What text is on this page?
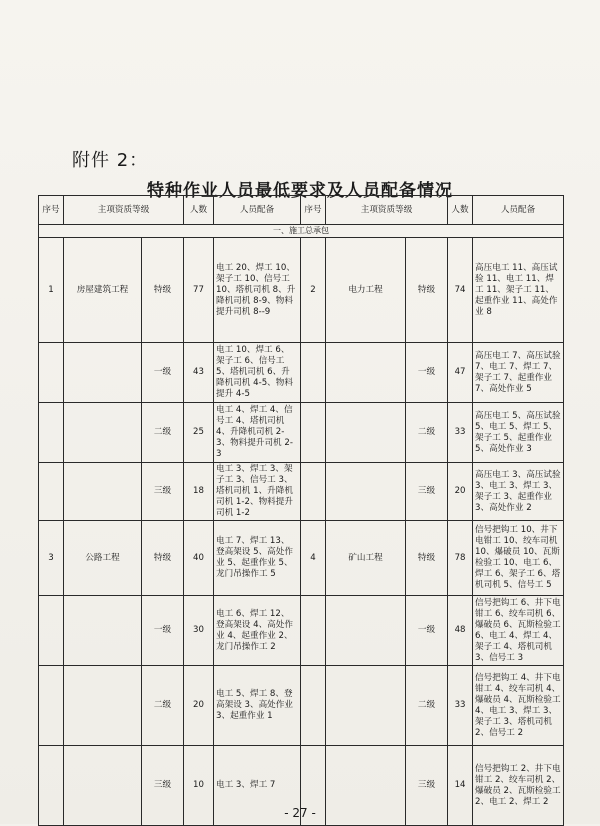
附件 2：
特种作业人员最低要求及人员配备情况
序号	主项资质等级		人数	人员配备	序号	主项资质等级		人数	人员配备
一、施工总承包									
1	房屋建筑工程	特级	77	电工 20、焊工 10、架子工 10、信号工 10、塔机司机 8、升降机司机 8-9、物料提升司机 8--9	2	电力工程	特级	74	高压电工 11、高压试验 11、电工 11、焊工 11、架子工 11、起重作业 11、高处作业 8
		一级	43	电工 10、焊工 6、架子工 6、信号工 5、塔机司机 6、升降机司机 4-5、物料提升 4-5			一级	47	高压电工 7、高压试验 7、电工 7、焊工 7、架子工 7、起重作业 7、高处作业 5
		二级	25	电工 4、焊工 4、信号工 4、塔机司机 4、升降机司机 2-3、物料提升司机 2-3			二级	33	高压电工 5、高压试验 5、电工 5、焊工 5、架子工 5、起重作业 5、高处作业 3
		三级	18	电工 3、焊工 3、架子工 3、信号工 3、塔机司机 1、升降机司机 1-2、物料提升司机 1-2			三级	20	高压电工 3、高压试验 3、电工 3、焊工 3、架子工 3、起重作业 3、高处作业 2
3	公路工程	特级	40	电工 7、焊工 13、登高架设 5、高处作业 5、起重作业 5、龙门吊操作工 5	4	矿山工程	特级	78	信号把钩工 10、井下电钳工 10、绞车司机 10、爆破员 10、瓦斯检验工 10、电工 6、焊工 6、架子工 6、塔机司机 5、信号工 5
		一级	30	电工 6、焊工 12、登高架设 4、高处作业 4、起重作业 2、龙门吊操作工 2			一级	48	信号把钩工 6、井下电钳工 6、绞车司机 6、爆破员 6、瓦斯检验工 6、电工 4、焊工 4、架子工 4、塔机司机 3、信号工 3
		二级	20	电工 5、焊工 8、登高架设 3、高处作业 3、起重作业 1			二级	33	信号把钩工 4、井下电钳工 4、绞车司机 4、爆破员 4、瓦斯检验工 4、电工 3、焊工 3、架子工 3、塔机司机 2、信号工 2
		三级	10	电工 3、焊工 7			三级	14	信号把钩工 2、井下电钳工 2、绞车司机 2、爆破员 2、瓦斯检验工 2、电工 2、焊工 2
- 27 -
